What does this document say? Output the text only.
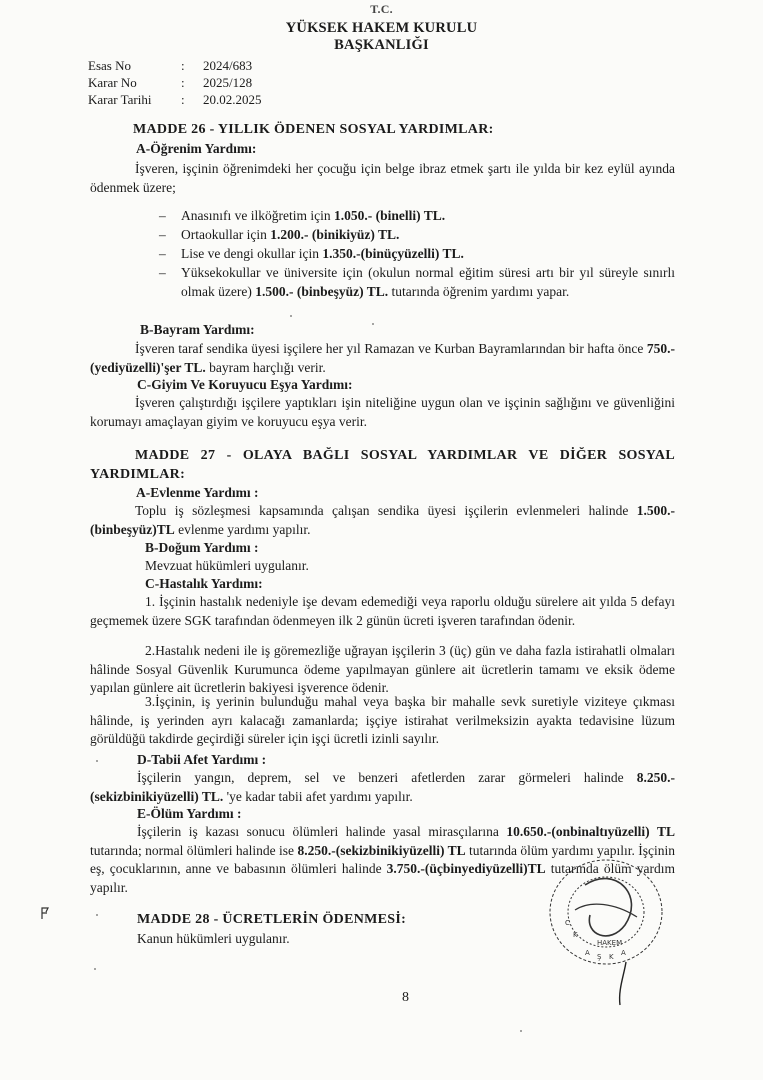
T.C.
YÜKSEK HAKEM KURULU
BAŞKANLIĞI
Esas No	: 2024/683
Karar No	: 2025/128
Karar Tarihi : 20.02.2025
MADDE 26 - YILLIK ÖDENEN SOSYAL YARDIMLAR:
A-Öğrenim Yardımı:
İşveren, işçinin öğrenimdeki her çocuğu için belge ibraz etmek şartı ile yılda bir kez eylül ayında ödenmek üzere;
– Anasınıfı ve ilköğretim için 1.050.- (binelli) TL.
– Ortaokullar için 1.200.- (binikiyüz) TL.
– Lise ve dengi okullar için 1.350.-(binüçyüzelli) TL.
– Yüksekokullar ve üniversite için (okulun normal eğitim süresi artı bir yıl süreyle sınırlı olmak üzere) 1.500.- (binbeşyüz) TL. tutarında öğrenim yardımı yapar.
B-Bayram Yardımı:
İşveren taraf sendika üyesi işçilere her yıl Ramazan ve Kurban Bayramlarından bir hafta önce 750.-(yediyüzelli)'şer TL. bayram harçlığı verir.
C-Giyim Ve Koruyucu Eşya Yardımı:
İşveren çalıştırdığı işçilere yaptıkları işin niteliğine uygun olan ve işçinin sağlığını ve güvenliğini korumayı amaçlayan giyim ve koruyucu eşya verir.
MADDE 27 - OLAYA BAĞLI SOSYAL YARDIMLAR VE DİĞER SOSYAL YARDIMLAR:
A-Evlenme Yardımı :
Toplu iş sözleşmesi kapsamında çalışan sendika üyesi işçilerin evlenmeleri halinde 1.500.-(binbeşyüz)TL evlenme yardımı yapılır.
B-Doğum Yardımı :
Mevzuat hükümleri uygulanır.
C-Hastalık Yardımı:
1. İşçinin hastalık nedeniyle işe devam edemediği veya raporlu olduğu sürelere ait yılda 5 defayı geçmemek üzere SGK tarafından ödenmeyen ilk 2 günün ücreti işveren tarafından ödenir.
2.Hastalık nedeni ile iş göremezliğe uğrayan işçilerin 3 (üç) gün ve daha fazla istirahatli olmaları hâlinde Sosyal Güvenlik Kurumunca ödeme yapılmayan günlere ait ücretlerin tamamı ve eksik ödeme yapılan günlere ait ücretlerin bakiyesi işverence ödenir.
3.İşçinin, iş yerinin bulunduğu mahal veya başka bir mahalle sevk suretiyle viziteye çıkması hâlinde, iş yerinden ayrı kalacağı zamanlarda; işçiye istirahat verilmeksizin ayakta tedavisine lüzum görüldüğü takdirde geçirdiği süreler için işçi ücretli izinli sayılır.
D-Tabii Afet Yardımı :
İşçilerin yangın, deprem, sel ve benzeri afetlerden zarar görmeleri halinde 8.250.-(sekizbinikiyüzelli) TL. 'ye kadar tabii afet yardımı yapılır.
E-Ölüm Yardımı :
İşçilerin iş kazası sonucu ölümleri halinde yasal mirasçılarına 10.650.-(onbinaltıyüzelli) TL tutarında; normal ölümleri halinde ise 8.250.-(sekizbinikiyüzelli) TL tutarında ölüm yardımı yapılır. İşçinin eş, çocuklarının, anne ve babasının ölümleri halinde 3.750.-(üçbinyediyüzelli)TL tutarında ölüm yardım yapılır.
MADDE 28 - ÜCRETLERİN ÖDENMESİ:
Kanun hükümleri uygulanır.
8
C
K
HAKEM
A Ş K A
